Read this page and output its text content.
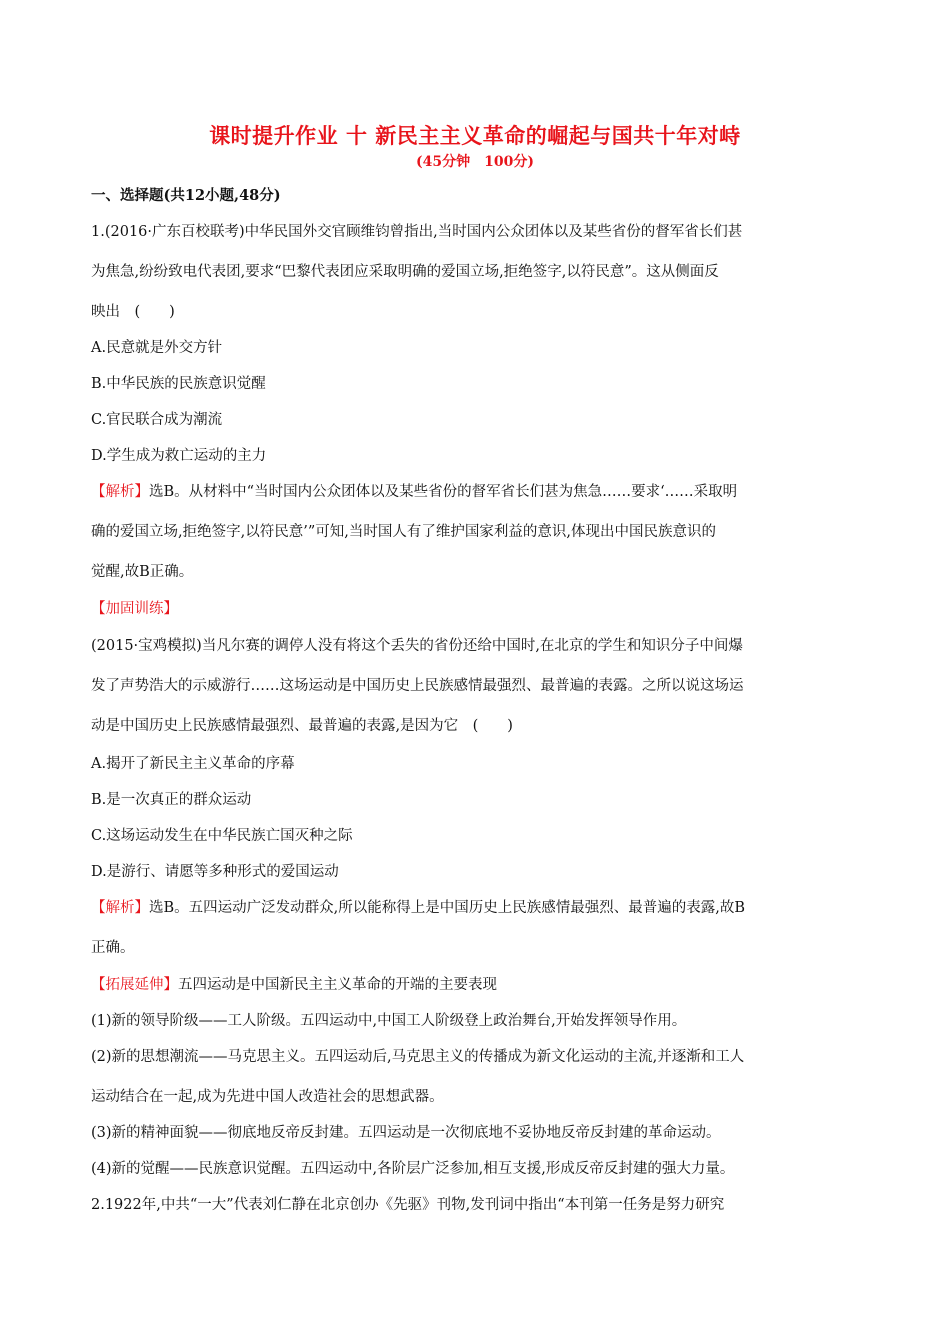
课时提升作业 十 新民主主义革命的崛起与国共十年对峙
(45分钟　100分)
一、选择题(共12小题,48分)
1.(2016·广东百校联考)中华民国外交官顾维钧曾指出,当时国内公众团体以及某些省份的督军省长们甚
为焦急,纷纷致电代表团,要求“巴黎代表团应采取明确的爱国立场,拒绝签字,以符民意”。这从侧面反
映出　(　　)
A.民意就是外交方针
B.中华民族的民族意识觉醒
C.官民联合成为潮流
D.学生成为救亡运动的主力
【解析】选B。从材料中“当时国内公众团体以及某些省份的督军省长们甚为焦急……要求‘……采取明
确的爱国立场,拒绝签字,以符民意’”可知,当时国人有了维护国家利益的意识,体现出中国民族意识的
觉醒,故B正确。
【加固训练】
(2015·宝鸡模拟)当凡尔赛的调停人没有将这个丢失的省份还给中国时,在北京的学生和知识分子中间爆
发了声势浩大的示威游行……这场运动是中国历史上民族感情最强烈、最普遍的表露。之所以说这场运
动是中国历史上民族感情最强烈、最普遍的表露,是因为它　(　　)
A.揭开了新民主主义革命的序幕
B.是一次真正的群众运动
C.这场运动发生在中华民族亡国灭种之际
D.是游行、请愿等多种形式的爱国运动
【解析】选B。五四运动广泛发动群众,所以能称得上是中国历史上民族感情最强烈、最普遍的表露,故B
正确。
【拓展延伸】五四运动是中国新民主主义革命的开端的主要表现
(1)新的领导阶级——工人阶级。五四运动中,中国工人阶级登上政治舞台,开始发挥领导作用。
(2)新的思想潮流——马克思主义。五四运动后,马克思主义的传播成为新文化运动的主流,并逐渐和工人
运动结合在一起,成为先进中国人改造社会的思想武器。
(3)新的精神面貌——彻底地反帝反封建。五四运动是一次彻底地不妥协地反帝反封建的革命运动。
(4)新的觉醒——民族意识觉醒。五四运动中,各阶层广泛参加,相互支援,形成反帝反封建的强大力量。
2.1922年,中共“一大”代表刘仁静在北京创办《先驱》刊物,发刊词中指出“本刊第一任务是努力研究
